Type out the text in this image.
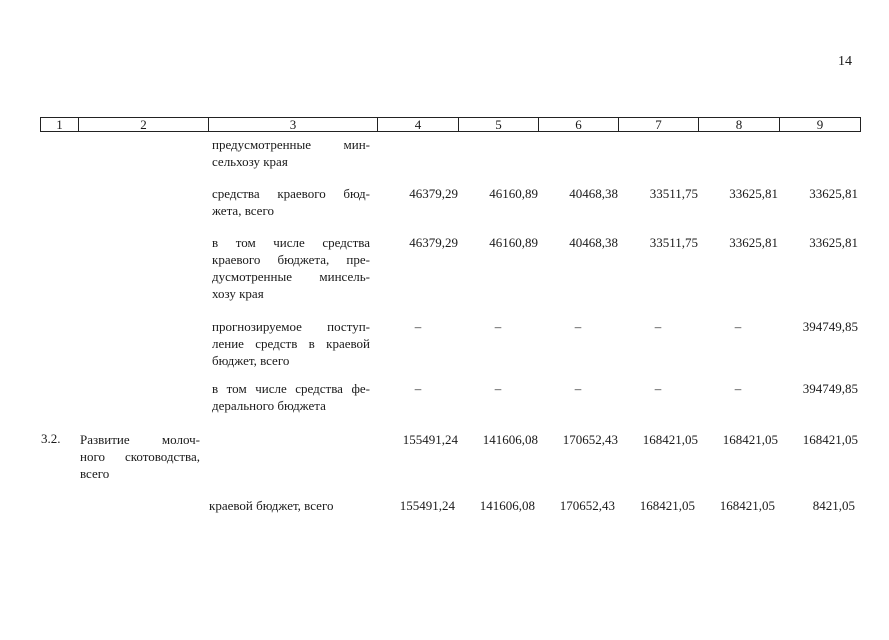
14
1	2	3	4	5	6	7	8	9
предусмотренные мин-
сельхозу края
средства краевого бюд-
жета, всего
46379,29	46160,89	40468,38	33511,75	33625,81	33625,81
в том числе средства
краевого бюджета, пре-
дусмотренные минсель-
хозу края
46379,29	46160,89	40468,38	33511,75	33625,81	33625,81
прогнозируемое поступ-
ление средств в краевой
бюджет, всего
–	–	–	–	–	394749,85
в том числе средства фе-
дерального бюджета
–	–	–	–	–	394749,85
3.2.	Развитие молоч-
ного скотоводства,
всего
155491,24	141606,08	170652,43	168421,05	168421,05	168421,05
краевой бюджет, всего	155491,24	141606,08	170652,43	168421,05	168421,05	8421,05
